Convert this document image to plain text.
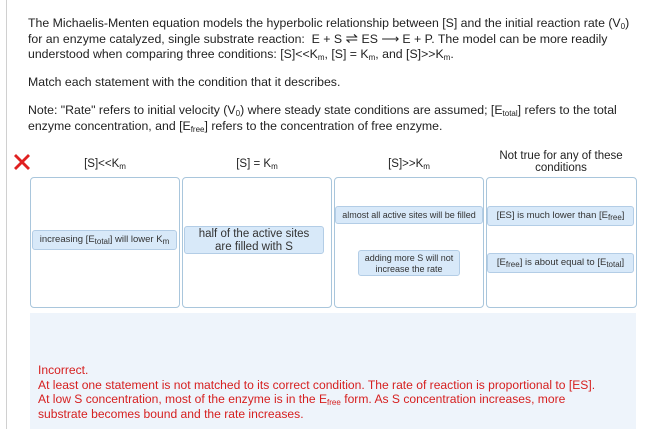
The Michaelis-Menten equation models the hyperbolic relationship between [S] and the initial reaction rate $(V_0)$

for an enzyme catalyzed, single substrate reaction: E + S ⇌ ES ⟶ E + P. The model can be more readily

understood when comparing three conditions: $[S]<<K_m$, $[S] = K_m$, and $[S]>>K_m$.

Match each statement with the condition that it describes.
Note: "Rate" refers to initial velocity $(V_0)$ where steady state conditions are assumed; $[E_{total}]$ refers to the total
enzyme concentration, and $[E_{free}]$ refers to the concentration of free enzyme.
$[S]<<K_m$	$[S] = K_m$	$[S]>>K_m$
Not true for any of these
conditions
increasing $[E_{total}]$ will lower $K_m$
half of the active sites
are filled with S
almost all active sites will be filled
adding more S will not
increase the rate
[ES] is much lower than $[E_{free}]$
$[E_{free}]$ is about equal to $[E_{total}]$

Incorrect.

At least one statement is not matched to its correct condition. The rate of reaction is proportional to [ES].

At low S concentration, most of the enzyme is in the $E_{free}$ form. As S concentration increases, more

substrate becomes bound and the rate increases.
